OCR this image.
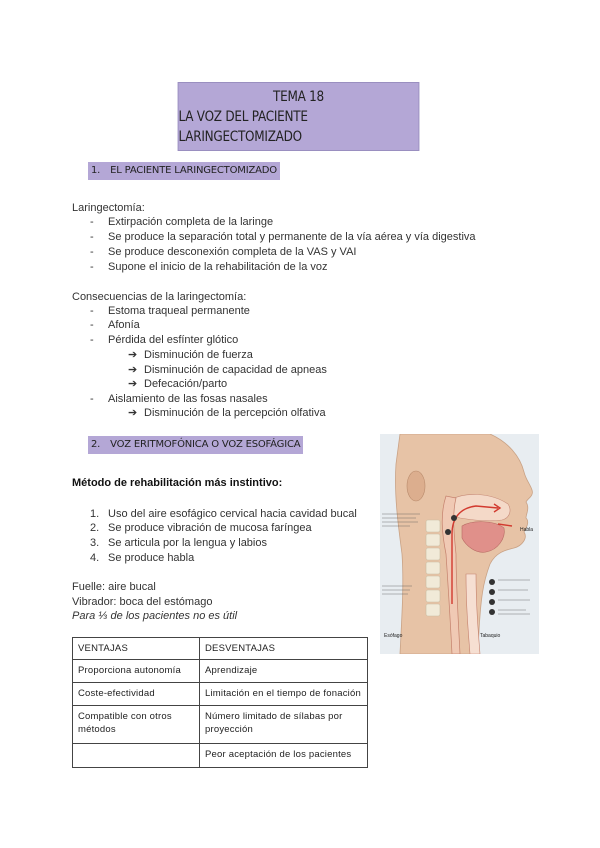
TEMA 18
LA VOZ DEL PACIENTE LARINGECTOMIZADO
1. EL PACIENTE LARINGECTOMIZADO
Laringectomía:
- Extirpación completa de la laringe
- Se produce la separación total y permanente de la vía aérea y vía digestiva
- Se produce desconexión completa de la VAS y VAI
- Supone el inicio de la rehabilitación de la voz
Consecuencias de la laringectomía:
- Estoma traqueal permanente
- Afonía
- Pérdida del esfínter glótico
➔ Disminución de fuerza
➔ Disminución de capacidad de apneas
➔ Defecación/parto
- Aislamiento de las fosas nasales
➔ Disminución de la percepción olfativa
2. VOZ ERITMOFÓNICA O VOZ ESOFÁGICA
Método de rehabilitación más instintivo:
1. Uso del aire esofágico cervical hacia cavidad bucal
2. Se produce vibración de mucosa faríngea
3. Se articula por la lengua y labios
4. Se produce habla
Fuelle: aire bucal
Vibrador: boca del estómago
Para ⅓ de los pacientes no es útil
VENTAJAS	DESVENTAJAS
Proporciona autonomía	Aprendizaje
Coste-efectividad	Limitación en el tiempo de fonación
Compatible con otros métodos	Número limitado de sílabas por proyección
	Peor aceptación de los pacientes
Habla
Esófago	Tabaquio
